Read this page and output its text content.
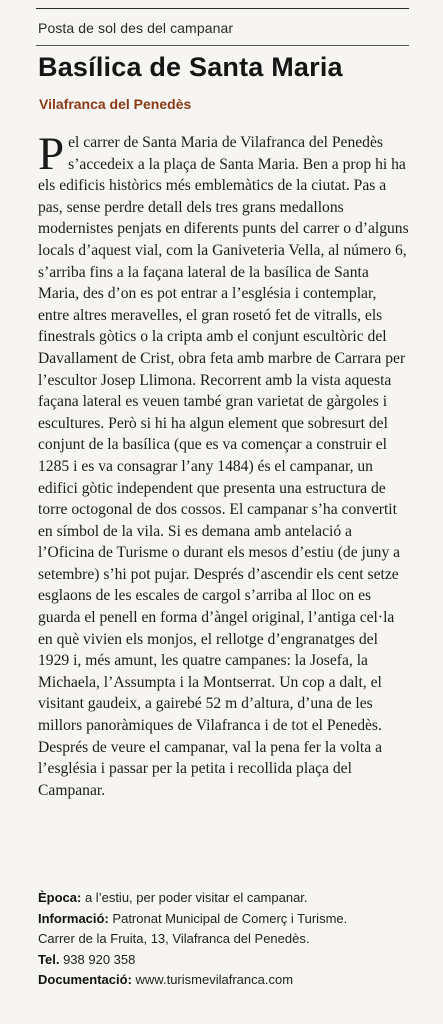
Posta de sol des del campanar
Basílica de Santa Maria
Vilafranca del Penedès

Pel carrer de Santa Maria de Vilafranca del Penedès s’accedeix a la plaça de Santa Maria. Ben a prop hi ha els edificis històrics més emblemàtics de la ciutat. Pas a pas, sense perdre detall dels tres grans medallons modernistes penjats en diferents punts del carrer o d’alguns locals d’aquest vial, com la Ganiveteria Vella, al número 6, s’arriba fins a la façana lateral de la basílica de Santa Maria, des d’on es pot entrar a l’església i contemplar, entre altres meravelles, el gran rosetó fet de vitralls, els finestrals gòtics o la cripta amb el conjunt escultòric del Davallament de Crist, obra feta amb marbre de Carrara per l’escultor Josep Llimona. Recorrent amb la vista aquesta façana lateral es veuen també gran varietat de gàrgoles i escultures. Però si hi ha algun element que sobresurt del conjunt de la basílica (que es va començar a construir el 1285 i es va consagrar l’any 1484) és el campanar, un edifici gòtic independent que presenta una estructura de torre octogonal de dos cossos. El campanar s’ha convertit en símbol de la vila. Si es demana amb antelació a l’Oficina de Turisme o durant els mesos d’estiu (de juny a setembre) s’hi pot pujar. Després d’ascendir els cent setze esglaons de les escales de cargol s’arriba al lloc on es guarda el penell en forma d’àngel original, l’antiga cel·la en què vivien els monjos, el rellotge d’engranatges del 1929 i, més amunt, les quatre campanes: la Josefa, la Michaela, l’Assumpta i la Montserrat. Un cop a dalt, el visitant gaudeix, a gairebé 52 m d’altura, d’una de les millors panoràmiques de Vilafranca i de tot el Penedès. Després de veure el campanar, val la pena fer la volta a l’església i passar per la petita i recollida plaça del Campanar.

Època: a l’estiu, per poder visitar el campanar.
Informació: Patronat Municipal de Comerç i Turisme.
Carrer de la Fruita, 13, Vilafranca del Penedès.
Tel. 938 920 358
Documentació: www.turismevilafranca.com
